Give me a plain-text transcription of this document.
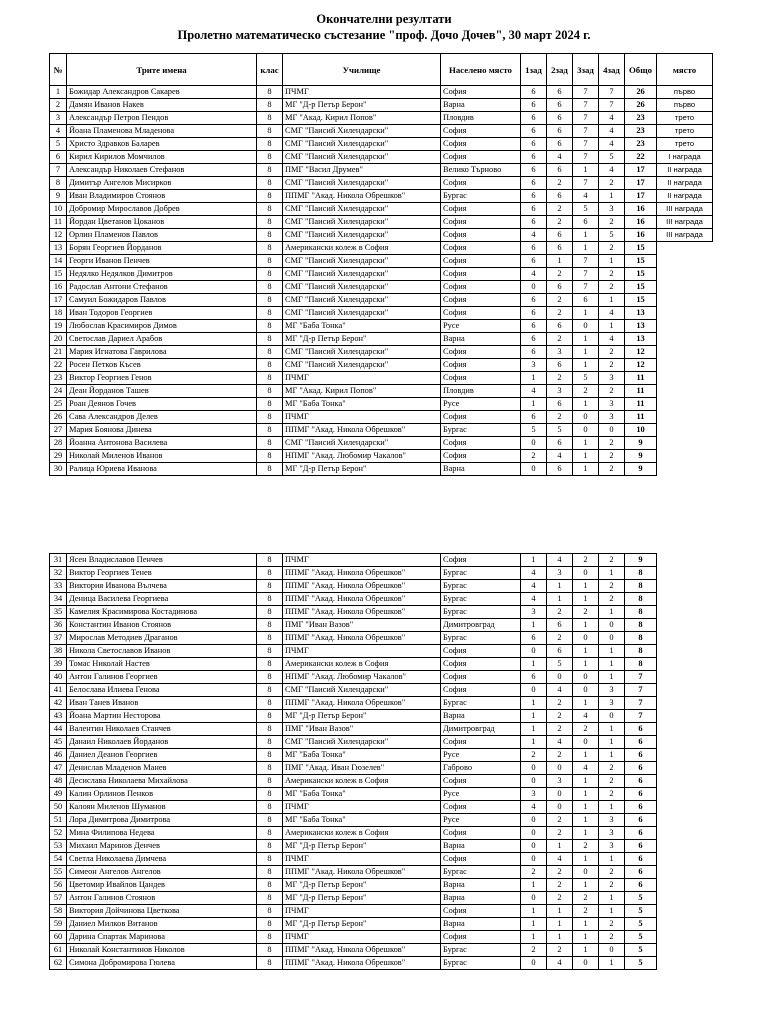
Окончателни резултати
Пролетно математическо състезание "проф. Дочо Дочев", 30 март 2024 г.
№	Трите имена	клас	Училище	Населено място	1зад	2зад	3зад	4зад	Общо	място
1	Божидар Александров Сакарев	8	ПЧМГ	София	6	6	7	7	26	първо
2	Дамян Иванов Накев	8	МГ "Д-р Петър Берон"	Варна	6	6	7	7	26	първо
3	Александър Петров Пендов	8	МГ "Акад. Кирил Попов"	Пловдив	6	6	7	4	23	трето
4	Йоана Пламенова Младенова	8	СМГ "Паисий Хилендарски"	София	6	6	7	4	23	трето
5	Христо Здравков Баларев	8	СМГ "Паисий Хилендарски"	София	6	6	7	4	23	трето
6	Кирил Кирилов Момчилов	8	СМГ "Паисий Хилендарски"	София	6	4	7	5	22	I награда
7	Александър Николаев Стефанов	8	ПМГ "Васил Друмев"	Велико Търново	6	6	1	4	17	II награда
8	Димитър Ангелов Мисирков	8	СМГ "Паисий Хилендарски"	София	6	2	7	2	17	II награда
9	Иван Владимиров Стоянов	8	ППМГ "Акад. Никола Обрешков"	Бургас	6	6	4	1	17	II награда
10	Добромир Мирославов Добрев	8	СМГ "Паисий Хилендарски"	София	6	2	5	3	16	III награда
11	Йордан Цветанов Цоканов	8	СМГ "Паисий Хилендарски"	София	6	2	6	2	16	III награда
12	Орлин Пламенов Павлов	8	СМГ "Паисий Хилендарски"	София	4	6	1	5	16	III награда
13	Борян Георгиев Йорданов	8	Американски колеж в София	София	6	6	1	2	15	
14	Георги Иванов Пенчев	8	СМГ "Паисий Хилендарски"	София	6	1	7	1	15	
15	Недялко Недялков Димитров	8	СМГ "Паисий Хилендарски"	София	4	2	7	2	15	
16	Радослав Антони Стефанов	8	СМГ "Паисий Хилендарски"	София	0	6	7	2	15	
17	Самуил Божидаров Павлов	8	СМГ "Паисий Хилендарски"	София	6	2	6	1	15	
18	Иван Тодоров Георгиев	8	СМГ "Паисий Хилендарски"	София	6	2	1	4	13	
19	Любослав Красимиров Димов	8	МГ "Баба Тонка"	Русе	6	6	0	1	13	
20	Светослав Дариел Арабов	8	МГ "Д-р Петър Берон"	Варна	6	2	1	4	13	
21	Мария Игнатова Гаврилова	8	СМГ "Паисий Хилендарски"	София	6	3	1	2	12	
22	Росен Петков Късев	8	СМГ "Паисий Хилендарски"	София	3	6	1	2	12	
23	Виктор Георгиев Генов	8	ПЧМГ	София	1	2	5	3	11	
24	Деан Йорданов Ташев	8	МГ "Акад. Кирил Попов"	Пловдив	4	3	2	2	11	
25	Роан Деянов Гочев	8	МГ "Баба Тонка"	Русе	1	6	1	3	11	
26	Сава Александров Делев	8	ПЧМГ	София	6	2	0	3	11	
27	Мария Боянова Динева	8	ППМГ "Акад. Никола Обрешков"	Бургас	5	5	0	0	10	
28	Йоанна Антонова Василева	8	СМГ "Паисий Хилендарски"	София	0	6	1	2	9	
29	Николай Миленов Иванов	8	НПМГ "Акад. Любомир Чакалов"	София	2	4	1	2	9	
30	Ралица Юриева Иванова	8	МГ "Д-р Петър Берон"	Варна	0	6	1	2	9	
31	Ясен Владиславов Пенчев	8	ПЧМГ	София	1	4	2	2	9
32	Виктор Георгиев Тенев	8	ППМГ "Акад. Никола Обрешков"	Бургас	4	3	0	1	8
33	Виктория Иванова Вълчева	8	ППМГ "Акад. Никола Обрешков"	Бургас	4	1	1	2	8
34	Деница Василева Георгиева	8	ППМГ "Акад. Никола Обрешков"	Бургас	4	1	1	2	8
35	Камелия Красимирова Костадинова	8	ППМГ "Акад. Никола Обрешков"	Бургас	3	2	2	1	8
36	Константин Иванов Стоянов	8	ПМГ "Иван Вазов"	Димитровград	1	6	1	0	8
37	Мирослав Методиев Драганов	8	ППМГ "Акад. Никола Обрешков"	Бургас	6	2	0	0	8
38	Никола Светославов Иванов	8	ПЧМГ	София	0	6	1	1	8
39	Томас Николай Настев	8	Американски колеж в София	София	1	5	1	1	8
40	Антон Галинов Георгиев	8	НПМГ "Акад. Любомир Чакалов"	София	6	0	0	1	7
41	Белослава Илиева Генова	8	СМГ "Паисий Хилендарски"	София	0	4	0	3	7
42	Иван Танев Иванов	8	ППМГ "Акад. Никола Обрешков"	Бургас	1	2	1	3	7
43	Йоана Мартин Несторова	8	МГ "Д-р Петър Берон"	Варна	1	2	4	0	7
44	Валентин Николаев Станчев	8	ПМГ "Иван Вазов"	Димитровград	1	2	2	1	6
45	Данаил Николаев Йорданов	8	СМГ "Паисий Хилендарски"	София	1	4	0	1	6
46	Даниел Деанов Георгиев	8	МГ "Баба Тонка"	Русе	2	2	1	1	6
47	Денислав Младенов Манев	8	ПМГ "Акад. Иван Гюзелев"	Габрово	0	0	4	2	6
48	Десислава Николаева Михайлова	8	Американски колеж в София	София	0	3	1	2	6
49	Калин Орлинов Пенков	8	МГ "Баба Тонка"	Русе	3	0	1	2	6
50	Калоян Миленов Шуманов	8	ПЧМГ	София	4	0	1	1	6
51	Лора Димитрова Димитрова	8	МГ "Баба Тонка"	Русе	0	2	1	3	6
52	Мина Филипова Недева	8	Американски колеж в София	София	0	2	1	3	6
53	Михаил Маринов Денчев	8	МГ "Д-р Петър Берон"	Варна	0	1	2	3	6
54	Светла Николаева Димчева	8	ПЧМГ	София	0	4	1	1	6
55	Симеон Ангелов Ангелов	8	ППМГ "Акад. Никола Обрешков"	Бургас	2	2	0	2	6
56	Цветомир Ивайлов Цандев	8	МГ "Д-р Петър Берон"	Варна	1	2	1	2	6
57	Антон Галинов Стоянов	8	МГ "Д-р Петър Берон"	Варна	0	2	2	1	5
58	Виктория Дойчинова Цветкова	8	ПЧМГ	София	1	1	2	1	5
59	Даниел Милков Витанов	8	МГ "Д-р Петър Берон"	Варна	1	1	1	2	5
60	Дарина Спартак Маринова	8	ПЧМГ	София	1	1	1	2	5
61	Николай Константинов Николов	8	ППМГ "Акад. Никола Обрешков"	Бургас	2	2	1	0	5
62	Симона Добромирова Гюлева	8	ППМГ "Акад. Никола Обрешков"	Бургас	0	4	0	1	5
